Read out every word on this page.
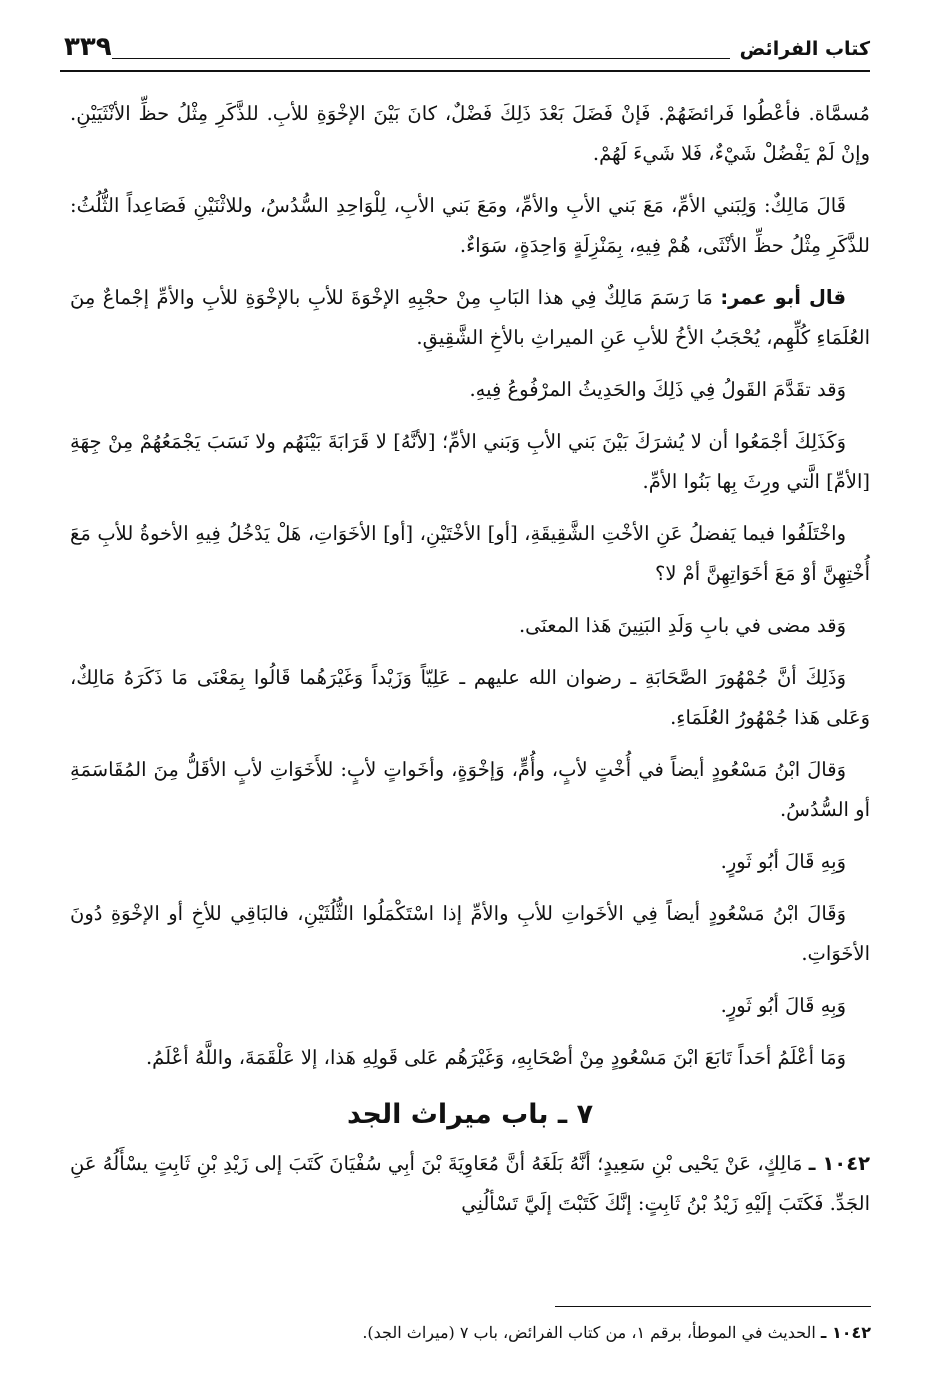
كتاب الفرائض
٣٣٩

مُسمَّاة. فأعْطُوا فَرائضَهُمْ. فَإنْ فَضَلَ بَعْدَ ذَلِكَ فَضْلٌ، كانَ بَيْنَ الإخْوَةِ للأبِ. للذَّكَرِ مِثْلُ حظِّ الأنْثَيَيْنِ. وإنْ لَمْ يَفْضُلْ شَيْءٌ، فَلا شَيءَ لَهُمْ.

قَالَ مَالِكٌ: وَلِبَني الأمِّ، مَعَ بَني الأبِ والأمِّ، ومَعَ بَني الأبِ، لِلْوَاحِدِ السُّدُسُ، وللاثْنَيْنِ فَصَاعِداً الثُّلُثُ: للذَّكَرِ مِثْلُ حظِّ الأنْثَى، هُمْ فِيهِ، بِمَنْزِلَةٍ وَاحِدَةٍ، سَوَاءٌ.

قال أبو عمر: مَا رَسَمَ مَالِكٌ فِي هذا البَابِ مِنْ حجْبِهِ الإخْوَةَ للأبِ بالإخْوَةِ للأبِ والأمِّ إجْماعٌ مِنَ العُلَمَاءِ كُلِّهِم، يُحْجَبُ الأخُ للأبِ عَنِ الميراثِ بالأخِ الشَّقِيقِ.

وَقد تقَدَّمَ القَولُ فِي ذَلِكَ والحَدِيثُ المرْفُوعُ فِيهِ.

وَكَذَلِكَ أجْمَعُوا أن لا يُشرَكَ بَيْنَ بَني الأبِ وَبَني الأمِّ؛ [لأنَّهُ] لا قَرَابَةَ بَيْنَهُم ولا نَسَبَ يَجْمَعُهُمْ مِنْ جِهَةِ [الأمِّ] الَّتي ورِثَ بِها بَنُوا الأمِّ.

واخْتَلَفُوا فيما يَفضلُ عَنِ الأخْتِ الشَّقِيقَةِ، [أو] الأخْتَيْنِ، [أو] الأخَوَاتِ، هَلْ يَدْخُلُ فِيهِ الأخوةُ للأبِ مَعَ أُخْتِهِنَّ أوْ مَعَ أخَوَاتِهِنَّ أمْ لا؟

وَقد مضى في بابِ وَلَدِ البَنِينَ هَذا المعنَى.

وَذَلِكَ أنَّ جُمْهُورَ الصَّحَابَةِ ـ رضوان الله عليهم ـ عَلِيّاً وَزَيْداً وَغَيْرَهُما قَالُوا بِمَعْنَى مَا ذَكَرَهُ مَالِكٌ، وَعَلى هَذا جُمْهُورُ العُلَمَاءِ.

وَقالَ ابْنُ مَسْعُودٍ أيضاً في أُخْتٍ لأبٍ، وأُمٍّ، وَإخْوَةٍ، وأخَواتٍ لأبٍ: للأَخَوَاتِ لأبٍ الأقَلُّ مِنَ المُقَاسَمَةِ أو السُّدُسُ.

وَبِهِ قَالَ أبُو ثَورٍ.

وَقَالَ ابْنُ مَسْعُودٍ أيضاً فِي الأخَواتِ للأبِ والأمِّ إذا اسْتَكْمَلُوا الثُّلُثَيْنِ، فالبَاقِي للأخِ أو الإخْوَةِ دُونَ الأخَوَاتِ.

وَبِهِ قَالَ أبُو ثَورٍ.

وَمَا أعْلَمُ أحَداً تَابَعَ ابْنَ مَسْعُودٍ مِنْ أصْحَابِهِ، وَغَيْرَهُم عَلى قَولِهِ هَذا، إلا عَلْقَمَةَ، واللَّهُ أعْلَمُ.

٧ ـ باب ميراث الجد

١٠٤٢ ـ مَالِكٍ، عَنْ يَحْيى بْنِ سَعِيدٍ؛ أنَّهُ بَلَغَهُ أنَّ مُعَاوِيَةَ بْنَ أبِي سُفْيَانَ كَتَبَ إلى زَيْدِ بْنِ ثَابِتٍ يسْأَلُهُ عَنِ الجَدِّ. فَكَتَبَ إلَيْهِ زَيْدُ بْنُ ثَابِتٍ: إنَّكَ كَتَبْتَ إلَيَّ تَسْألُنِي

١٠٤٢ ـ الحديث في الموطأ، برقم ١، من كتاب الفرائض، باب ٧ (ميراث الجد).
